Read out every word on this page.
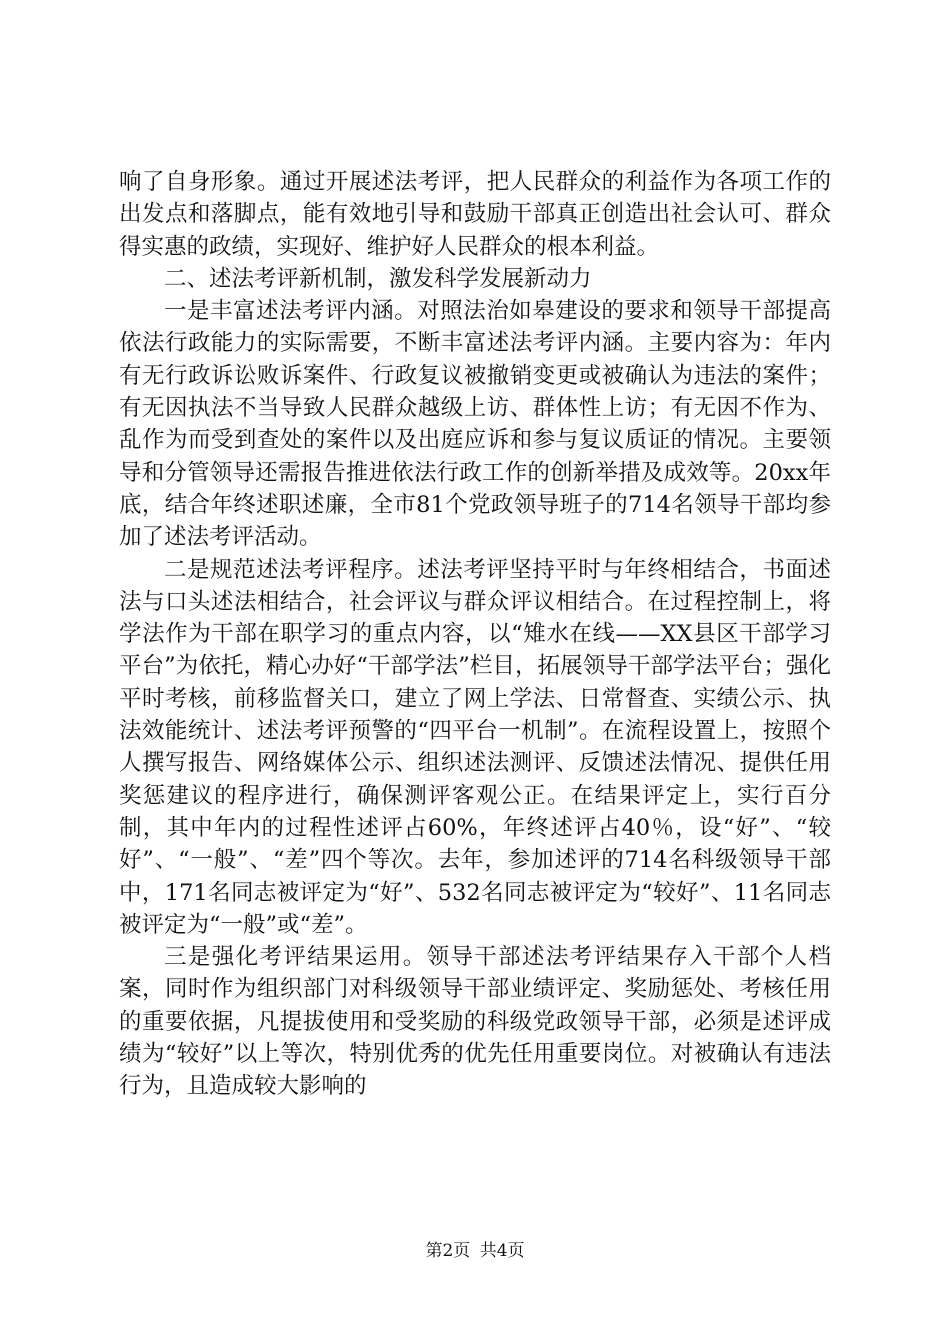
响了自身形象。通过开展述法考评，把人民群众的利益作为各项工作的出发点和落脚点，能有效地引导和鼓励干部真正创造出社会认可、群众得实惠的政绩，实现好、维护好人民群众的根本利益。

二、述法考评新机制，激发科学发展新动力

一是丰富述法考评内涵。对照法治如皋建设的要求和领导干部提高依法行政能力的实际需要，不断丰富述法考评内涵。主要内容为：年内有无行政诉讼败诉案件、行政复议被撤销变更或被确认为违法的案件；有无因执法不当导致人民群众越级上访、群体性上访；有无因不作为、乱作为而受到查处的案件以及出庭应诉和参与复议质证的情况。主要领导和分管领导还需报告推进依法行政工作的创新举措及成效等。20xx年底，结合年终述职述廉，全市81个党政领导班子的714名领导干部均参加了述法考评活动。

二是规范述法考评程序。述法考评坚持平时与年终相结合，书面述法与口头述法相结合，社会评议与群众评议相结合。在过程控制上，将学法作为干部在职学习的重点内容，以“雉水在线——XX县区干部学习平台”为依托，精心办好“干部学法”栏目，拓展领导干部学法平台；强化平时考核，前移监督关口，建立了网上学法、日常督查、实绩公示、执法效能统计、述法考评预警的“四平台一机制”。在流程设置上，按照个人撰写报告、网络媒体公示、组织述法测评、反馈述法情况、提供任用奖惩建议的程序进行，确保测评客观公正。在结果评定上，实行百分制，其中年内的过程性述评占60%，年终述评占40％，设“好”、“较好”、“一般”、“差”四个等次。去年，参加述评的714名科级领导干部中，171名同志被评定为“好”、532名同志被评定为“较好”、11名同志被评定为“一般”或“差”。

三是强化考评结果运用。领导干部述法考评结果存入干部个人档案，同时作为组织部门对科级领导干部业绩评定、奖励惩处、考核任用的重要依据，凡提拔使用和受奖励的科级党政领导干部，必须是述评成绩为“较好”以上等次，特别优秀的优先任用重要岗位。对被确认有违法行为，且造成较大影响的

第2页 共4页
